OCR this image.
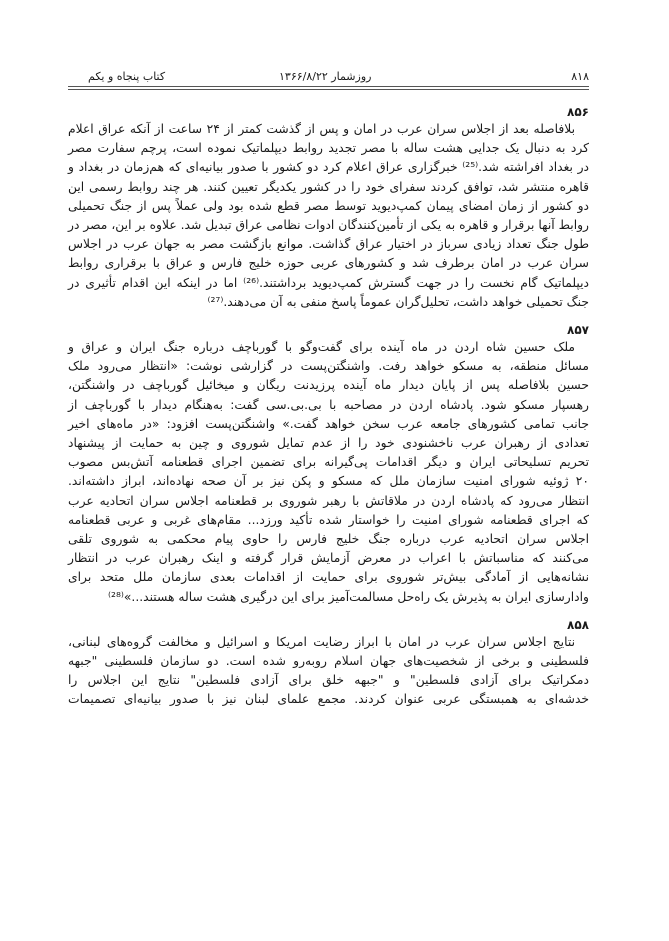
۸۱۸
روزشمار ۱۳۶۶/۸/۲۲
کتاب پنجاه و یکم

۸۵۶

بلافاصله بعد از اجلاس سران عرب در امان و پس از گذشت کمتر از ۲۴ ساعت از آنکه عراق اعلام
کرد به دنبال یک جدایی هشت ساله با مصر تجدید روابط دیپلماتیک نموده است، پرچم سفارت مصر
در بغداد افراشته شد.⁽²⁵⁾ خبرگزاری عراق اعلام کرد دو کشور با صدور بیانیه‌ای که هم‌زمان در بغداد و
قاهره منتشر شد، توافق کردند سفرای خود را در کشور یکدیگر تعیین کنند. هر چند روابط رسمی این
دو کشور از زمان امضای پیمان کمپ‌دیوید توسط مصر قطع شده بود ولی عملاً پس از جنگ تحمیلی
روابط آنها برقرار و قاهره به یکی از تأمین‌کنندگان ادوات نظامی عراق تبدیل شد. علاوه بر این، مصر در
طول جنگ تعداد زیادی سرباز در اختیار عراق گذاشت. موانع بازگشت مصر به جهان عرب در اجلاس
سران عرب در امان برطرف شد و کشورهای عربی حوزه خلیج فارس و عراق با برقراری روابط
دیپلماتیک گام نخست را در جهت گسترش کمپ‌دیوید برداشتند.⁽²⁶⁾ اما در اینکه این اقدام تأثیری در
جنگ تحمیلی خواهد داشت، تحلیل‌گران عموماً پاسخ منفی به آن می‌دهند.⁽²⁷⁾

۸۵۷

ملک حسین شاه اردن در ماه آینده برای گفت‌وگو با گورباچف درباره جنگ ایران و عراق و
مسائل منطقه، به مسکو خواهد رفت. واشنگتن‌پست در گزارشی نوشت: «انتظار می‌رود ملک
حسین بلافاصله پس از پایان دیدار ماه آینده پرزیدنت ریگان و میخائیل گورباچف در واشنگتن،
رهسپار مسکو شود. پادشاه اردن در مصاحبه با بی.بی.سی گفت: به‌هنگام دیدار با گورباچف از
جانب تمامی کشورهای جامعه عرب سخن خواهد گفت.» واشنگتن‌پست افزود: «در ماه‌های اخیر
تعدادی از رهبران عرب ناخشنودی خود را از عدم تمایل شوروی و چین به حمایت از پیشنهاد
تحریم تسلیحاتی ایران و دیگر اقدامات پی‌گیرانه برای تضمین اجرای قطعنامه آتش‌بس مصوب
۲۰ ژوئیه شورای امنیت سازمان ملل که مسکو و پکن نیز بر آن صحه نهاده‌اند، ابراز داشته‌اند.
انتظار می‌رود که پادشاه اردن در ملاقاتش با رهبر شوروی بر قطعنامه اجلاس سران اتحادیه عرب
که اجرای قطعنامه شورای امنیت را خواستار شده تأکید ورزد... مقام‌های غربی و عربی قطعنامه
اجلاس سران اتحادیه عرب درباره جنگ خلیج فارس را حاوی پیام محکمی به شوروی تلقی
می‌کنند که مناسباتش با اعراب در معرض آزمایش قرار گرفته و اینک رهبران عرب در انتظار
نشانه‌هایی از آمادگی بیش‌تر شوروی برای حمایت از اقدامات بعدی سازمان ملل متحد برای
وادارسازی ایران به پذیرش یک راه‌حل مسالمت‌آمیز برای این درگیری هشت ساله هستند...»⁽²⁸⁾

۸۵۸

نتایج اجلاس سران عرب در امان با ابراز رضایت امریکا و اسرائیل و مخالفت گروه‌های لبنانی،
فلسطینی و برخی از شخصیت‌های جهان اسلام روبه‌رو شده است. دو سازمان فلسطینی "جبهه
دمکراتیک برای آزادی فلسطین" و "جبهه خلق برای آزادی فلسطین" نتایج این اجلاس را
خدشه‌ای به همبستگی عربی عنوان کردند. مجمع علمای لبنان نیز با صدور بیانیه‌ای تصمیمات
